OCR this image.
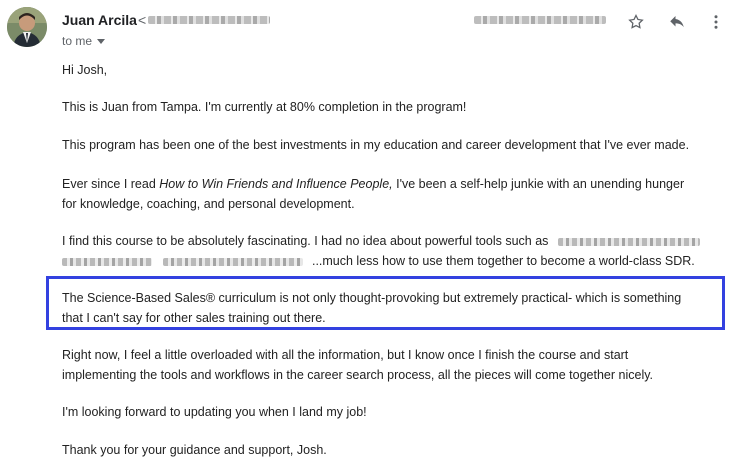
Juan Arcila <
to me
Hi Josh,
This is Juan from Tampa. I'm currently at 80% completion in the program!
This program has been one of the best investments in my education and career development that I've ever made.
Ever since I read How to Win Friends and Influence People, I've been a self-help junkie with an unending hunger
for knowledge, coaching, and personal development.
I find this course to be absolutely fascinating. I had no idea about powerful tools such as
...much less how to use them together to become a world-class SDR.
The Science-Based Sales® curriculum is not only thought-provoking but extremely practical- which is something
that I can't say for other sales training out there.
Right now, I feel a little overloaded with all the information, but I know once I finish the course and start
implementing the tools and workflows in the career search process, all the pieces will come together nicely.
I'm looking forward to updating you when I land my job!
Thank you for your guidance and support, Josh.
